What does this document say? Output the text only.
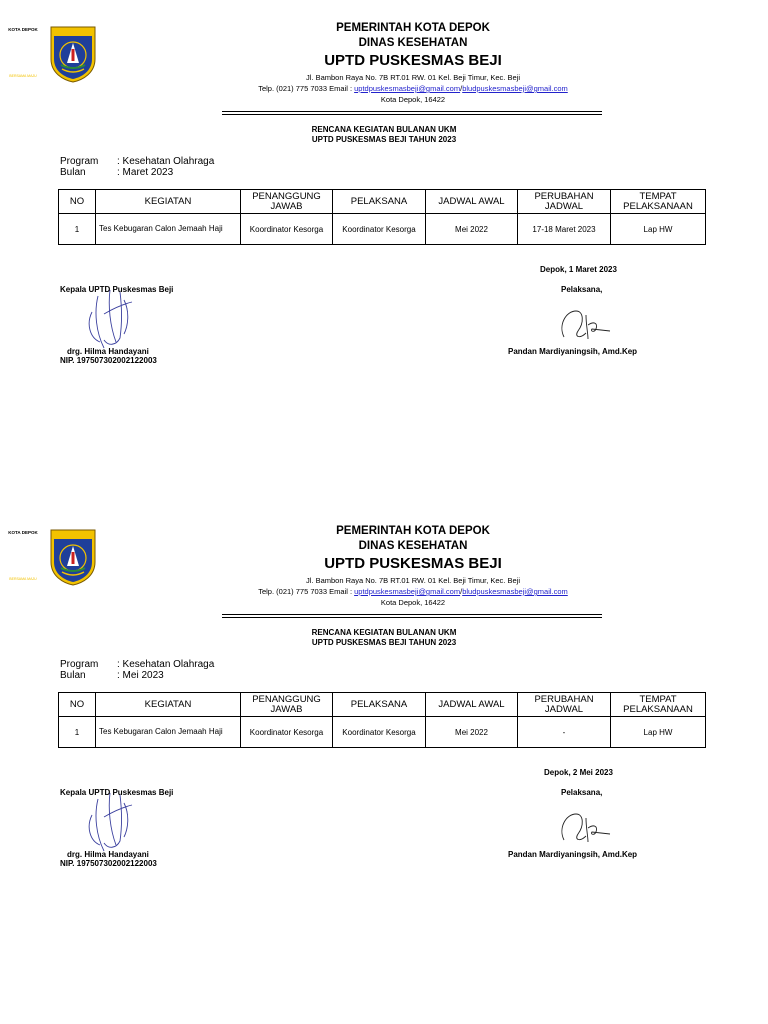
KOTA DEPOK
BERSAMA MAJU
PEMERINTAH KOTA DEPOK
DINAS KESEHATAN
UPTD PUSKESMAS BEJI
Jl. Bambon Raya No. 7B RT.01 RW. 01 Kel. Beji Timur, Kec. Beji
Telp. (021) 775 7033 Email : uptdpuskesmasbeji@gmail.com/bludpuskesmasbeji@gmail.com
Kota Depok, 16422
RENCANA KEGIATAN BULANAN UKM
UPTD PUSKESMAS BEJI TAHUN 2023
Program : Kesehatan Olahraga
Bulan	: Maret 2023
NO	KEGIATAN	PENANGGUNG JAWAB	PELAKSANA	JADWAL AWAL	PERUBAHAN JADWAL	TEMPAT PELAKSANAAN
1	Tes Kebugaran Calon Jemaah Haji	Koordinator Kesorga	Koordinator Kesorga	Mei 2022	17-18 Maret 2023	Lap HW
Depok, 1 Maret 2023
Kepala UPTD Puskesmas Beji	Pelaksana,
drg. Hilma Handayani
NIP. 197507302002122003
Pandan Mardiyaningsih, Amd.Kep
KOTA DEPOK
BERSAMA MAJU
PEMERINTAH KOTA DEPOK
DINAS KESEHATAN
UPTD PUSKESMAS BEJI
Jl. Bambon Raya No. 7B RT.01 RW. 01 Kel. Beji Timur, Kec. Beji
Telp. (021) 775 7033 Email : uptdpuskesmasbeji@gmail.com/bludpuskesmasbeji@gmail.com
Kota Depok, 16422
RENCANA KEGIATAN BULANAN UKM
UPTD PUSKESMAS BEJI TAHUN 2023
Program : Kesehatan Olahraga
Bulan	: Mei 2023
NO	KEGIATAN	PENANGGUNG JAWAB	PELAKSANA	JADWAL AWAL	PERUBAHAN JADWAL	TEMPAT PELAKSANAAN
1	Tes Kebugaran Calon Jemaah Haji	Koordinator Kesorga	Koordinator Kesorga	Mei 2022	-	Lap HW
Depok, 2 Mei 2023
Kepala UPTD Puskesmas Beji	Pelaksana,
drg. Hilma Handayani
NIP. 197507302002122003
Pandan Mardiyaningsih, Amd.Kep
